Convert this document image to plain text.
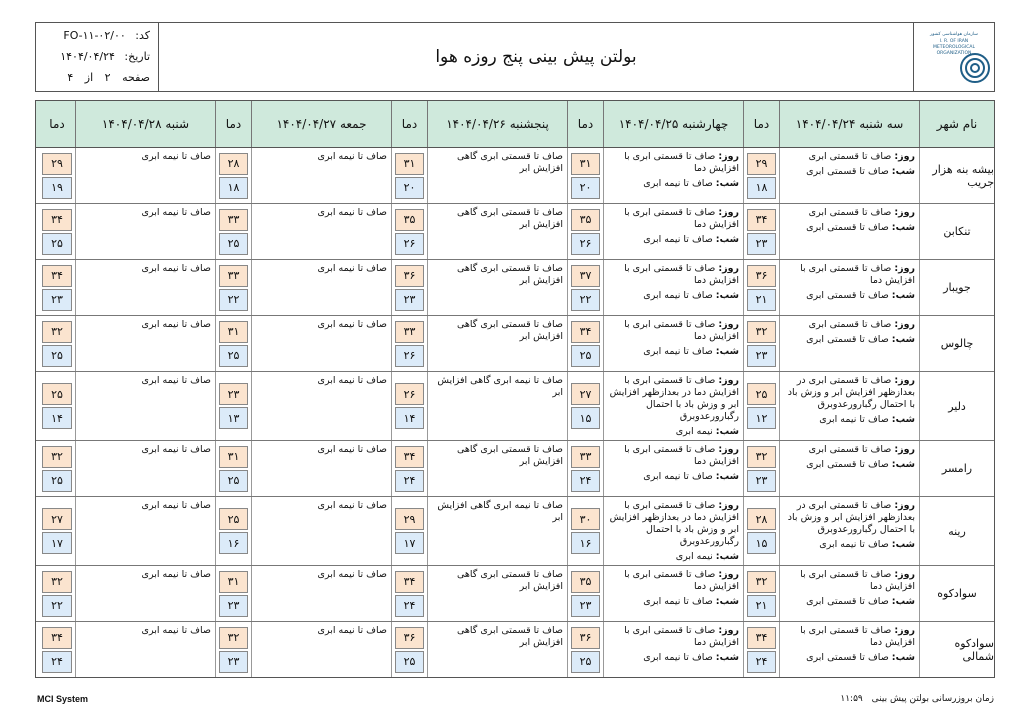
کد: FO-۱۱-۰۲/۰۰
تاریخ: ۱۴۰۴/۰۴/۲۴
صفحه ۲ از ۴
بولتن پیش بینی پنج روزه هوا
سازمان هواشناسی کشور
I. R. OF IRAN
METEOROLOGICAL
ORGANIZATION
نام شهر
سه شنبه ۱۴۰۴/۰۴/۲۴
دما
چهارشنبه ۱۴۰۴/۰۴/۲۵
دما
پنجشنبه ۱۴۰۴/۰۴/۲۶
دما
جمعه ۱۴۰۴/۰۴/۲۷
دما
شنبه ۱۴۰۴/۰۴/۲۸
دما
بیشه بنه هزار جریب
روز: صاف تا قسمتی ابری
شب: صاف تا قسمتی ابری
۲۹
۱۸
روز: صاف تا قسمتی ابری با افزایش دما
شب: صاف تا نیمه ابری
۳۱
۲۰
صاف تا قسمتی ابری گاهی افزایش ابر
۳۱
۲۰
صاف تا نیمه ابری
۲۸
۱۸
صاف تا نیمه ابری
۲۹
۱۹
تنکابن
روز: صاف تا قسمتی ابری
شب: صاف تا قسمتی ابری
۳۴
۲۳
روز: صاف تا قسمتی ابری با افزایش دما
شب: صاف تا نیمه ابری
۳۵
۲۶
صاف تا قسمتی ابری گاهی افزایش ابر
۳۵
۲۶
صاف تا نیمه ابری
۳۳
۲۵
صاف تا نیمه ابری
۳۴
۲۵
جویبار
روز: صاف تا قسمتی ابری با افزایش دما
شب: صاف تا قسمتی ابری
۳۶
۲۱
روز: صاف تا قسمتی ابری با افزایش دما
شب: صاف تا نیمه ابری
۳۷
۲۲
صاف تا قسمتی ابری گاهی افزایش ابر
۳۶
۲۳
صاف تا نیمه ابری
۳۳
۲۲
صاف تا نیمه ابری
۳۴
۲۳
چالوس
روز: صاف تا قسمتی ابری
شب: صاف تا قسمتی ابری
۳۲
۲۳
روز: صاف تا قسمتی ابری با افزایش دما
شب: صاف تا نیمه ابری
۳۴
۲۵
صاف تا قسمتی ابری گاهی افزایش ابر
۳۳
۲۶
صاف تا نیمه ابری
۳۱
۲۵
صاف تا نیمه ابری
۳۲
۲۵
دلیر
روز: صاف تا قسمتی ابری در بعدازظهر افزایش ابر و وزش باد با احتمال رگبارورعدوبرق
شب: صاف تا نیمه ابری
۲۵
۱۲
روز: صاف تا قسمتی ابری با افزایش دما در بعدازظهر افزایش ابر و وزش باد با احتمال رگبارورعدوبرق
شب: نیمه ابری
۲۷
۱۵
صاف تا نیمه ابری گاهی افزایش ابر
۲۶
۱۴
صاف تا نیمه ابری
۲۳
۱۳
صاف تا نیمه ابری
۲۵
۱۴
رامسر
روز: صاف تا قسمتی ابری
شب: صاف تا قسمتی ابری
۳۲
۲۳
روز: صاف تا قسمتی ابری با افزایش دما
شب: صاف تا نیمه ابری
۳۳
۲۴
صاف تا قسمتی ابری گاهی افزایش ابر
۳۴
۲۴
صاف تا نیمه ابری
۳۱
۲۵
صاف تا نیمه ابری
۳۲
۲۵
رینه
روز: صاف تا قسمتی ابری در بعدازظهر افزایش ابر و وزش باد با احتمال رگبارورعدوبرق
شب: صاف تا نیمه ابری
۲۸
۱۵
روز: صاف تا قسمتی ابری با افزایش دما در بعدازظهر افزایش ابر و وزش باد با احتمال رگبارورعدوبرق
شب: نیمه ابری
۳۰
۱۶
صاف تا نیمه ابری گاهی افزایش ابر
۲۹
۱۷
صاف تا نیمه ابری
۲۵
۱۶
صاف تا نیمه ابری
۲۷
۱۷
سوادکوه
روز: صاف تا قسمتی ابری با افزایش دما
شب: صاف تا قسمتی ابری
۳۲
۲۱
روز: صاف تا قسمتی ابری با افزایش دما
شب: صاف تا نیمه ابری
۳۵
۲۳
صاف تا قسمتی ابری گاهی افزایش ابر
۳۴
۲۴
صاف تا نیمه ابری
۳۱
۲۳
صاف تا نیمه ابری
۳۲
۲۲
سوادکوه شمالی
روز: صاف تا قسمتی ابری با افزایش دما
شب: صاف تا قسمتی ابری
۳۴
۲۴
روز: صاف تا قسمتی ابری با افزایش دما
شب: صاف تا نیمه ابری
۳۶
۲۵
صاف تا قسمتی ابری گاهی افزایش ابر
۳۶
۲۵
صاف تا نیمه ابری
۳۲
۲۳
صاف تا نیمه ابری
۳۴
۲۴
MCI System	زمان بروزرسانی بولتن پیش بینی ۱۱:۵۹
